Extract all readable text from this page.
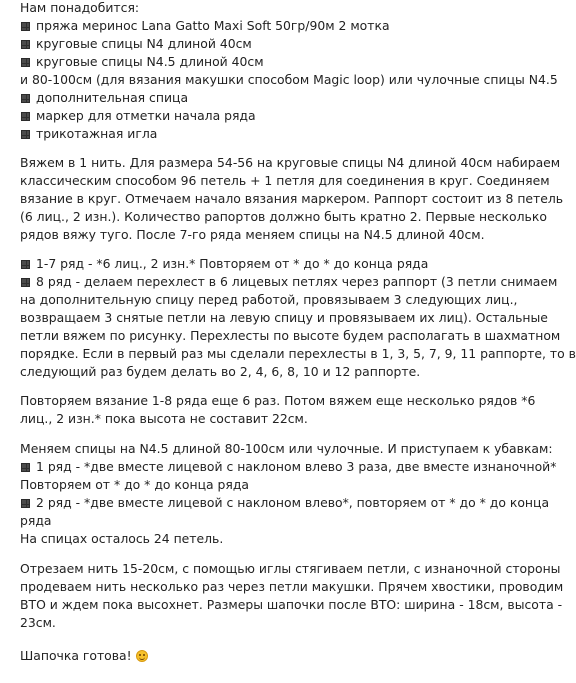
Нам понадобится:
пряжа меринос Lana Gatto Maxi Soft 50гр/90м 2 мотка
круговые спицы N4 длиной 40см
круговые спицы N4.5 длиной 40см
и 80-100см (для вязания макушки способом Magic loop) или чулочные спицы N4.5
дополнительная спица
маркер для отметки начала ряда
трикотажная игла
Вяжем в 1 нить. Для размера 54-56 на круговые спицы N4 длиной 40см набираем
классическим способом 96 петель + 1 петля для соединения в круг. Соединяем
вязание в круг. Отмечаем начало вязания маркером. Раппорт состоит из 8 петель
(6 лиц., 2 изн.). Количество рапортов должно быть кратно 2. Первые несколько
рядов вяжу туго. После 7-го ряда меняем спицы на N4.5 длиной 40см.
1-7 ряд - *6 лиц., 2 изн.* Повторяем от * до * до конца ряда
8 ряд - делаем перехлест в 6 лицевых петлях через раппорт (3 петли снимаем
на дополнительную спицу перед работой, провязываем 3 следующих лиц.,
возвращаем 3 снятые петли на левую спицу и провязываем их лиц). Остальные
петли вяжем по рисунку. Перехлесты по высоте будем располагать в шахматном
порядке. Если в первый раз мы сделали перехлесты в 1, 3, 5, 7, 9, 11 раппорте, то в
следующий раз будем делать во 2, 4, 6, 8, 10 и 12 раппорте.
Повторяем вязание 1-8 ряда еще 6 раз. Потом вяжем еще несколько рядов *6
лиц., 2 изн.* пока высота не составит 22см.
Меняем спицы на N4.5 длиной 80-100см или чулочные. И приступаем к убавкам:
1 ряд - *две вместе лицевой с наклоном влево 3 раза, две вместе изнаночной*
Повторяем от * до * до конца ряда
2 ряд - *две вместе лицевой с наклоном влево*, повторяем от * до * до конца
ряда
На спицах осталось 24 петель.
Отрезаем нить 15-20см, с помощью иглы стягиваем петли, с изнаночной стороны
продеваем нить несколько раз через петли макушки. Прячем хвостики, проводим
ВТО и ждем пока высохнет. Размеры шапочки после ВТО: ширина - 18см, высота -
23см.
Шапочка готова!
